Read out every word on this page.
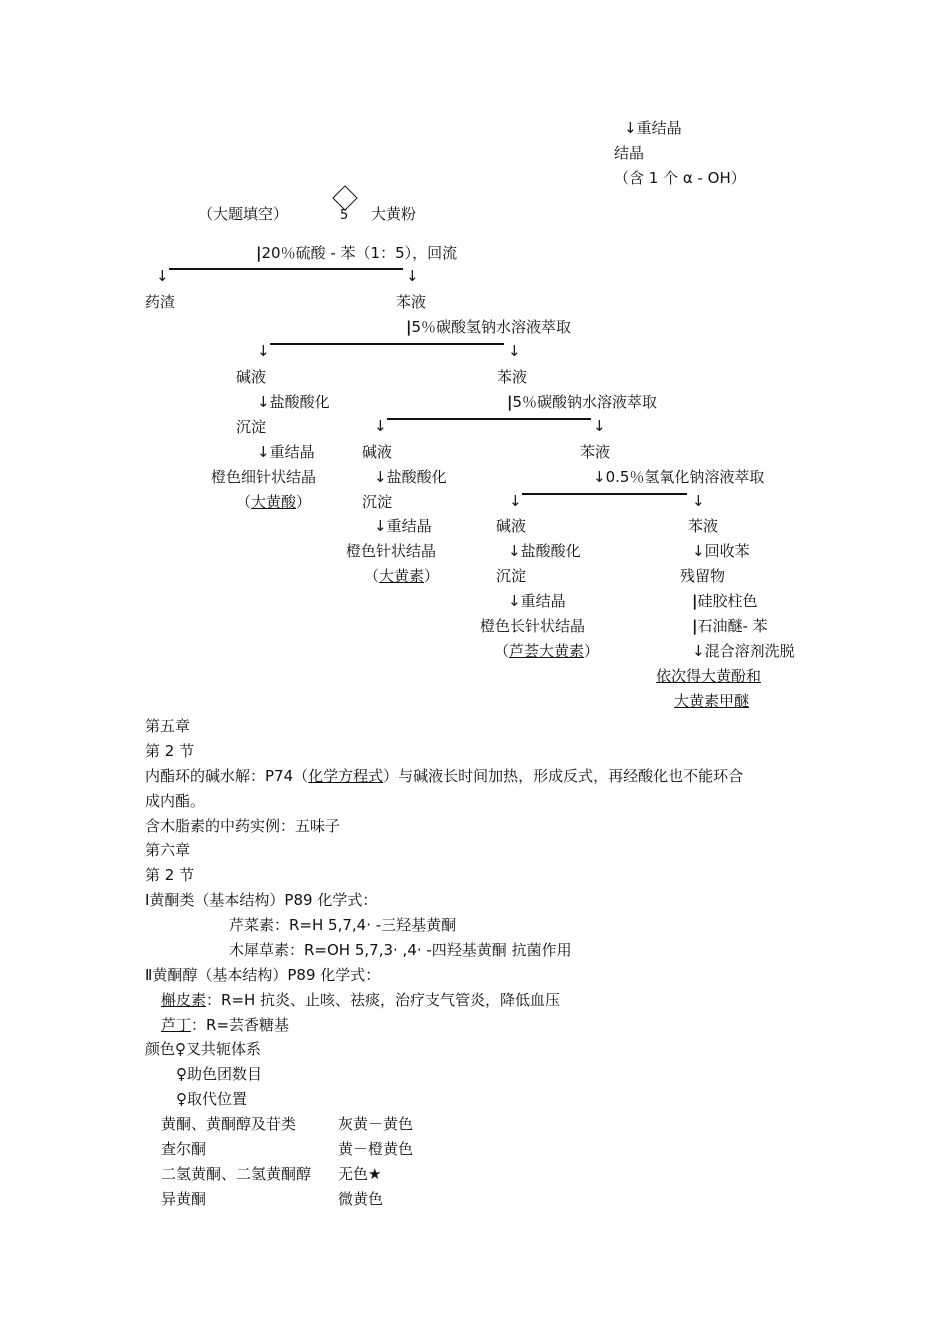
↓重结晶
结晶
（含 1 个 α - OH）
（大题填空）	5 大黄粉
|20％硫酸 - 苯（1：5），回流
↓	↓
药渣	苯液
|5％碳酸氢钠水溶液萃取
↓	↓
碱液	苯液
↓盐酸酸化	|5％碳酸钠水溶液萃取
沉淀	↓	↓
↓重结晶	碱液	苯液
橙色细针状结晶	↓盐酸酸化	↓0.5％氢氧化钠溶液萃取
（大黄酸）	沉淀	↓	↓
↓重结晶	碱液	苯液
橙色针状结晶	↓盐酸酸化	↓回收苯
（大黄素）	沉淀	残留物
↓重结晶	|硅胶柱色
橙色长针状结晶	|石油醚- 苯
（芦荟大黄素）	↓混合溶剂洗脱
依次得大黄酚和
大黄素甲醚
第五章
第 2 节
内酯环的碱水解：P74（化学方程式）与碱液长时间加热，形成反式，再经酸化也不能环合
成内酯。
含木脂素的中药实例：五味子
第六章
第 2 节
Ⅰ黄酮类（基本结构）P89 化学式：
芹菜素：R=H 5,7,4· -三羟基黄酮
木犀草素：R=OH 5,7,3· ,4· -四羟基黄酮 抗菌作用
Ⅱ黄酮醇（基本结构）P89 化学式：
槲皮素：R=H 抗炎、止咳、祛痰，治疗支气管炎，降低血压
芦丁：R=芸香糖基
颜色♀叉共轭体系
♀助色团数目
♀取代位置
黄酮、黄酮醇及苷类	灰黄－黄色
查尔酮	黄－橙黄色
二氢黄酮、二氢黄酮醇 无色★
异黄酮	微黄色
